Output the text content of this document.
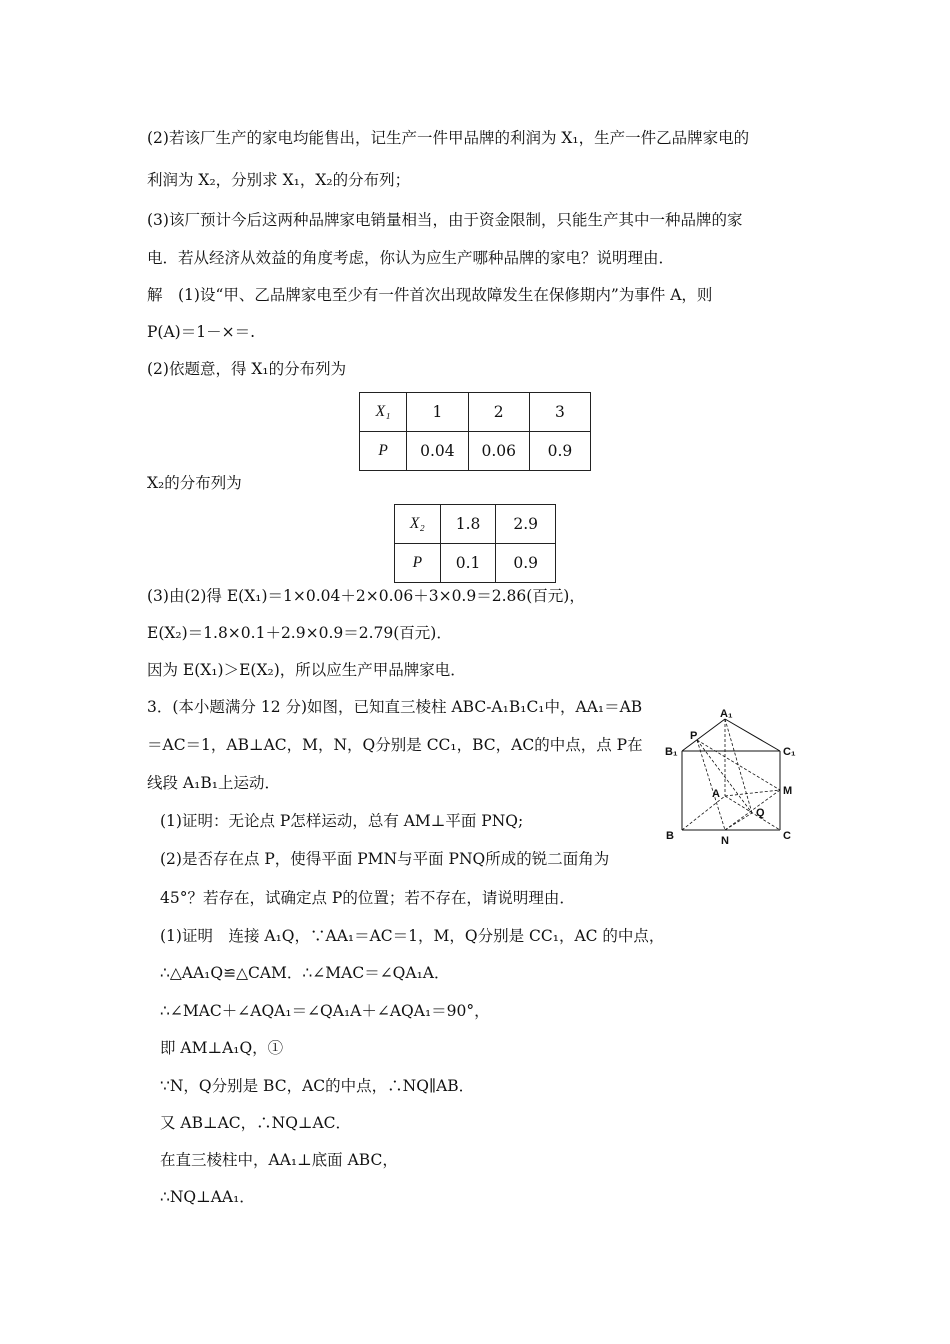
(2)若该厂生产的家电均能售出，记生产一件甲品牌的利润为 X₁，生产一件乙品牌家电的
利润为 X₂，分别求 X₁，X₂的分布列；
(3)该厂预计今后这两种品牌家电销量相当，由于资金限制，只能生产其中一种品牌的家
电．若从经济从效益的角度考虑，你认为应生产哪种品牌的家电？说明理由．
解　(1)设“甲、乙品牌家电至少有一件首次出现故障发生在保修期内”为事件 A，则
P(A)＝1－×＝.
(2)依题意，得 X₁的分布列为
X₁	1	2	3
P	0.04	0.06	0.9
X₂的分布列为
X₂	1.8	2.9
P	0.1	0.9
(3)由(2)得 E(X₁)＝1×0.04＋2×0.06＋3×0.9＝2.86(百元)，
E(X₂)＝1.8×0.1＋2.9×0.9＝2.79(百元)．
因为 E(X₁)＞E(X₂)，所以应生产甲品牌家电．
3．(本小题满分 12 分)如图，已知直三棱柱 ABC-A₁B₁C₁中，AA₁＝AB
＝AC＝1，AB⊥AC，M，N，Q分别是 CC₁，BC，AC的中点，点 P在
线段 A₁B₁上运动．
(1)证明：无论点 P怎样运动，总有 AM⊥平面 PNQ;
(2)是否存在点 P，使得平面 PMN与平面 PNQ所成的锐二面角为
45°？若存在，试确定点 P的位置；若不存在，请说明理由．
(1)证明　连接 A₁Q，∵AA₁＝AC＝1，M，Q分别是 CC₁，AC 的中点，
∴△AA₁Q≌△CAM．∴∠MAC＝∠QA₁A．
∴∠MAC＋∠AQA₁＝∠QA₁A＋∠AQA₁＝90°，
即 AM⊥A₁Q，①
∵N，Q分别是 BC，AC的中点，∴NQ∥AB．
又 AB⊥AC，∴NQ⊥AC．
在直三棱柱中，AA₁⊥底面 ABC，
∴NQ⊥AA₁．
A₁
B₁	C₁
P
A	M
Q
B	N	C
